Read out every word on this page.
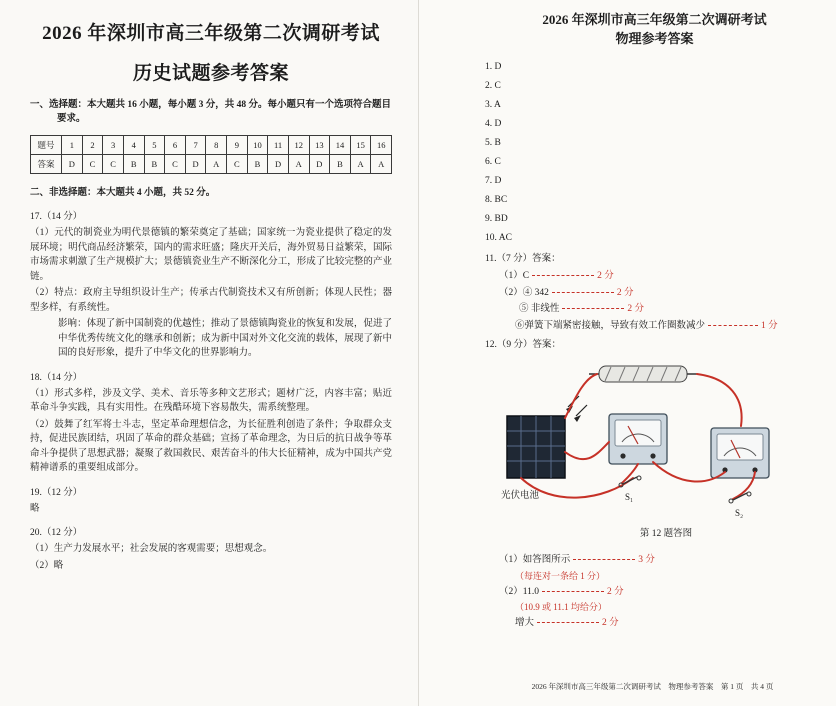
2026 年深圳市高三年级第二次调研考试
历史试题参考答案
一、选择题：本大题共 16 小题，每小题 3 分，共 48 分。每小题只有一个选项符合题目要求。
题号	1	2	3	4	5	6	7	8	9	10	11	12	13	14	15	16
答案	D	C	C	B	B	C	D	A	C	B	D	A	D	B	A	A
二、非选择题：本大题共 4 小题，共 52 分。
17.（14 分）
（1）元代的制瓷业为明代景德镇的繁荣奠定了基础；国家统一为瓷业提供了稳定的发展环境；明代商品经济繁荣，国内的需求旺盛；隆庆开关后，海外贸易日益繁荣，国际市场需求刺激了生产规模扩大；景德镇瓷业生产不断深化分工，形成了比较完整的产业链。
（2）特点：政府主导组织设计生产；传承古代制瓷技术又有所创新；体现人民性；器型多样，有系统性。
影响：体现了新中国制瓷的优越性；推动了景德镇陶瓷业的恢复和发展，促进了中华优秀传统文化的继承和创新；成为新中国对外文化交流的载体，展现了新中国的良好形象，提升了中华文化的世界影响力。
18.（14 分）
（1）形式多样，涉及文学、美术、音乐等多种文艺形式；题材广泛，内容丰富；贴近革命斗争实践，具有实用性。在残酷环境下容易散失，需系统整理。
（2）鼓舞了红军将士斗志，坚定革命理想信念，为长征胜利创造了条件；争取群众支持，促进民族团结，巩固了革命的群众基础；宣扬了革命理念，为日后的抗日战争等革命斗争提供了思想武器；凝聚了救国救民、艰苦奋斗的伟大长征精神，成为中国共产党精神谱系的重要组成部分。
19.（12 分）
略
20.（12 分）
（1）生产力发展水平；社会发展的客观需要；思想观念。
（2）略
2026 年深圳市高三年级第二次调研考试
物理参考答案
1. D
2. C
3. A
4. D
5. B
6. C
7. D
8. BC
9. BD
10. AC
11.（7 分）答案：
（1）C	2 分
（2）④ 342	2 分
⑤ 非线性	2 分
⑥弹簧下端紧密接触，导致有效工作圈数减少	1 分
12.（9 分）答案：
光伏电池	S₁
S₂
第 12 题答图
（1）如答图所示	3 分
（每连对一条给 1 分）
（2）11.0	2 分
（10.9 或 11.1 均给分）
增大	2 分
2026 年深圳市高三年级第二次调研考试　物理参考答案　第 1 页　共 4 页
